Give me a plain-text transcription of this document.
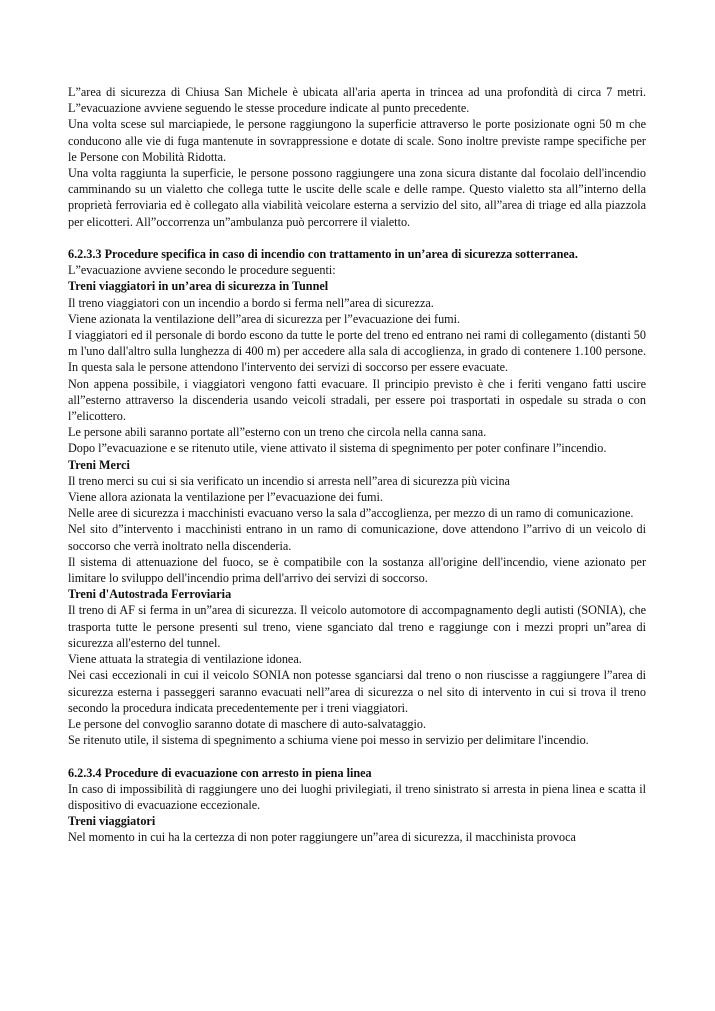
L”area di sicurezza di Chiusa San Michele è ubicata all'aria aperta in trincea ad una profondità di circa 7 metri. L”evacuazione avviene seguendo le stesse procedure indicate al punto precedente.

Una volta scese sul marciapiede, le persone raggiungono la superficie attraverso le porte posizionate ogni 50 m che conducono alle vie di fuga mantenute in sovrappressione e dotate di scale. Sono inoltre previste rampe specifiche per le Persone con Mobilità Ridotta.

Una volta raggiunta la superficie, le persone possono raggiungere una zona sicura distante dal focolaio dell'incendio camminando su un vialetto che collega tutte le uscite delle scale e delle rampe. Questo vialetto sta all”interno della proprietà ferroviaria ed è collegato alla viabilità veicolare esterna a servizio del sito, all”area di triage ed alla piazzola per elicotteri. All”occorrenza un”ambulanza può percorrere il vialetto.

6.2.3.3 Procedure specifica in caso di incendio con trattamento in un’area di sicurezza sotterranea.

L”evacuazione avviene secondo le procedure seguenti:

Treni viaggiatori in un’area di sicurezza in Tunnel

Il treno viaggiatori con un incendio a bordo si ferma nell”area di sicurezza.

Viene azionata la ventilazione dell”area di sicurezza per l”evacuazione dei fumi.

I viaggiatori ed il personale di bordo escono da tutte le porte del treno ed entrano nei rami di collegamento (distanti 50 m l'uno dall'altro sulla lunghezza di 400 m) per accedere alla sala di accoglienza, in grado di contenere 1.100 persone. In questa sala le persone attendono l'intervento dei servizi di soccorso per essere evacuate.

Non appena possibile, i viaggiatori vengono fatti evacuare. Il principio previsto è che i feriti vengano fatti uscire all”esterno attraverso la discenderia usando veicoli stradali, per essere poi trasportati in ospedale su strada o con l”elicottero.

Le persone abili saranno portate all”esterno con un treno che circola nella canna sana.

Dopo l”evacuazione e se ritenuto utile, viene attivato il sistema di spegnimento per poter confinare l”incendio.

Treni Merci

Il treno merci su cui si sia verificato un incendio si arresta nell”area di sicurezza più vicina

Viene allora azionata la ventilazione per l”evacuazione dei fumi.

Nelle aree di sicurezza i macchinisti evacuano verso la sala d”accoglienza, per mezzo di un ramo di comunicazione.

Nel sito d”intervento i macchinisti entrano in un ramo di comunicazione, dove attendono l”arrivo di un veicolo di soccorso che verrà inoltrato nella discenderia.

Il sistema di attenuazione del fuoco, se è compatibile con la sostanza all'origine dell'incendio, viene azionato per limitare lo sviluppo dell'incendio prima dell'arrivo dei servizi di soccorso.

Treni d'Autostrada Ferroviaria

Il treno di AF si ferma in un”area di sicurezza. Il veicolo automotore di accompagnamento degli autisti (SONIA), che trasporta tutte le persone presenti sul treno, viene sganciato dal treno e raggiunge con i mezzi propri un”area di sicurezza all'esterno del tunnel.

Viene attuata la strategia di ventilazione idonea.

Nei casi eccezionali in cui il veicolo SONIA non potesse sganciarsi dal treno o non riuscisse a raggiungere l”area di sicurezza esterna i passeggeri saranno evacuati nell”area di sicurezza o nel sito di intervento in cui si trova il treno secondo la procedura indicata precedentemente per i treni viaggiatori.

Le persone del convoglio saranno dotate di maschere di auto-salvataggio.

Se ritenuto utile, il sistema di spegnimento a schiuma viene poi messo in servizio per delimitare l'incendio.

6.2.3.4 Procedure di evacuazione con arresto in piena linea

In caso di impossibilità di raggiungere uno dei luoghi privilegiati, il treno sinistrato si arresta in piena linea e scatta il dispositivo di evacuazione eccezionale.

Treni viaggiatori

Nel momento in cui ha la certezza di non poter raggiungere un”area di sicurezza, il macchinista provoca
